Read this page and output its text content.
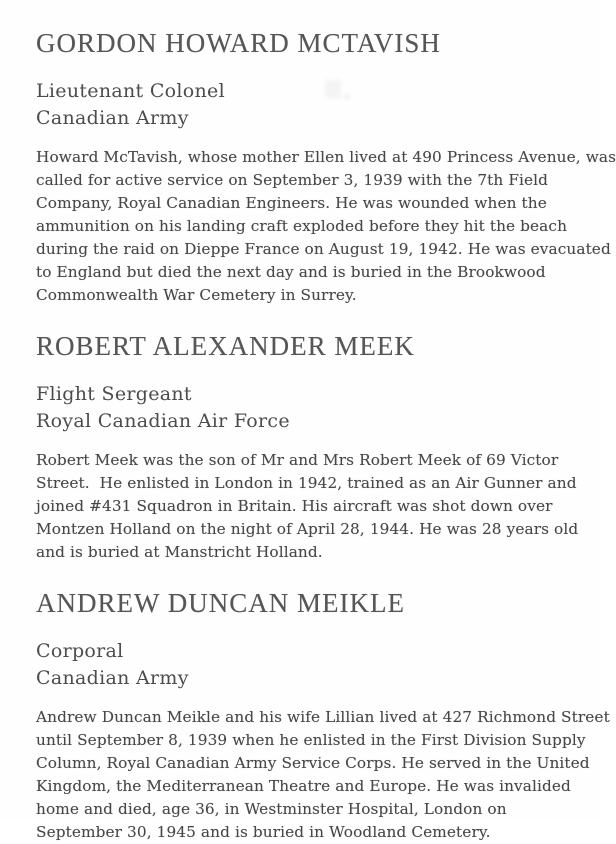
GORDON HOWARD MCTAVISH
Lieutenant Colonel
Canadian Army
Howard McTavish, whose mother Ellen lived at 490 Princess Avenue, was
called for active service on September 3, 1939 with the 7th Field
Company, Royal Canadian Engineers. He was wounded when the
ammunition on his landing craft exploded before they hit the beach
during the raid on Dieppe France on August 19, 1942. He was evacuated
to England but died the next day and is buried in the Brookwood
Commonwealth War Cemetery in Surrey.
ROBERT ALEXANDER MEEK
Flight Sergeant
Royal Canadian Air Force
Robert Meek was the son of Mr and Mrs Robert Meek of 69 Victor
Street.  He enlisted in London in 1942, trained as an Air Gunner and
joined #431 Squadron in Britain. His aircraft was shot down over
Montzen Holland on the night of April 28, 1944. He was 28 years old
and is buried at Manstricht Holland.
ANDREW DUNCAN MEIKLE
Corporal
Canadian Army
Andrew Duncan Meikle and his wife Lillian lived at 427 Richmond Street
until September 8, 1939 when he enlisted in the First Division Supply
Column, Royal Canadian Army Service Corps. He served in the United
Kingdom, the Mediterranean Theatre and Europe. He was invalided
home and died, age 36, in Westminster Hospital, London on
September 30, 1945 and is buried in Woodland Cemetery.
